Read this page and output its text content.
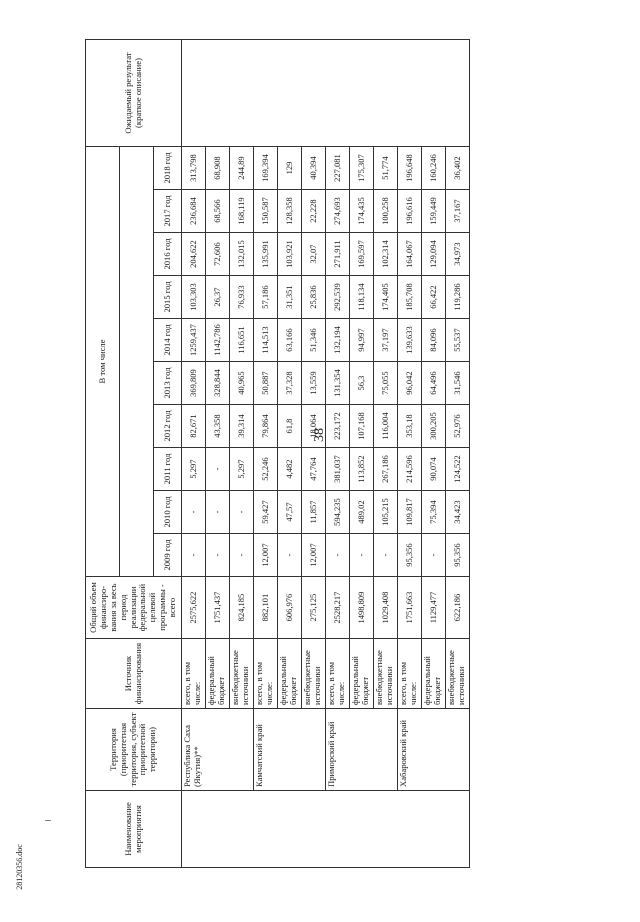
38
28120356.doc
Наименование мероприятия	Территория (приоритетная территория, субъект приоритетной территории)	Источник финансирования	Общий объем финансиро-вания за весь период реализации федеральной целевой программы - всего	В том числе										Ожидаемый результат (краткое описание)

				2009 год	2010 год	2011 год	2012 год	2013 год	2014 год	2015 год	2016 год	2017 год	2018 год	
	Республика Саха (Якутия)**	всего, в том числе:	2575,622	-	-	5,297	82,671	369,809	1259,437	103,303	204,622	236,684	313,798	
		федеральный бюджет	1751,437	-	-	-	43,358	328,844	1142,786	26,37	72,606	68,566	68,908	
		внебюджетные источники	824,185	-	-	5,297	39,314	40,965	116,651	76,933	132,015	168,119	244,89	
	Камчатский край	всего, в том числе:	882,101	12,007	59,427	52,246	79,864	50,887	114,513	57,186	135,991	150,587	169,394	
		федеральный бюджет	606,976	-	47,57	4,482	61,8	37,328	63,166	31,351	103,921	128,358	129	
		внебюджетные источники	275,125	12,007	11,857	47,764	18,064	13,559	51,346	25,836	32,07	22,228	40,394	
	Приморский край	всего, в том числе:	2528,217	-	594,235	381,037	223,172	131,354	132,194	292,539	271,911	274,693	227,081	
		федеральный бюджет	1498,809	-	489,02	113,852	107,168	56,3	94,997	118,134	169,597	174,435	175,307	
		внебюджетные источники	1029,408	-	105,215	267,186	116,004	75,055	37,197	174,405	102,314	100,258	51,774	
	Хабаровский край	всего, в том числе:	1751,663	95,356	109,817	214,596	353,18	96,042	139,633	185,708	164,067	196,616	196,648	
		федеральный бюджет	1129,477	-	75,394	90,074	300,205	64,496	84,096	66,422	129,094	159,449	160,246	
		внебюджетные источники	622,186	95,356	34,423	124,522	52,976	31,546	55,537	119,286	34,973	37,167	36,402	
